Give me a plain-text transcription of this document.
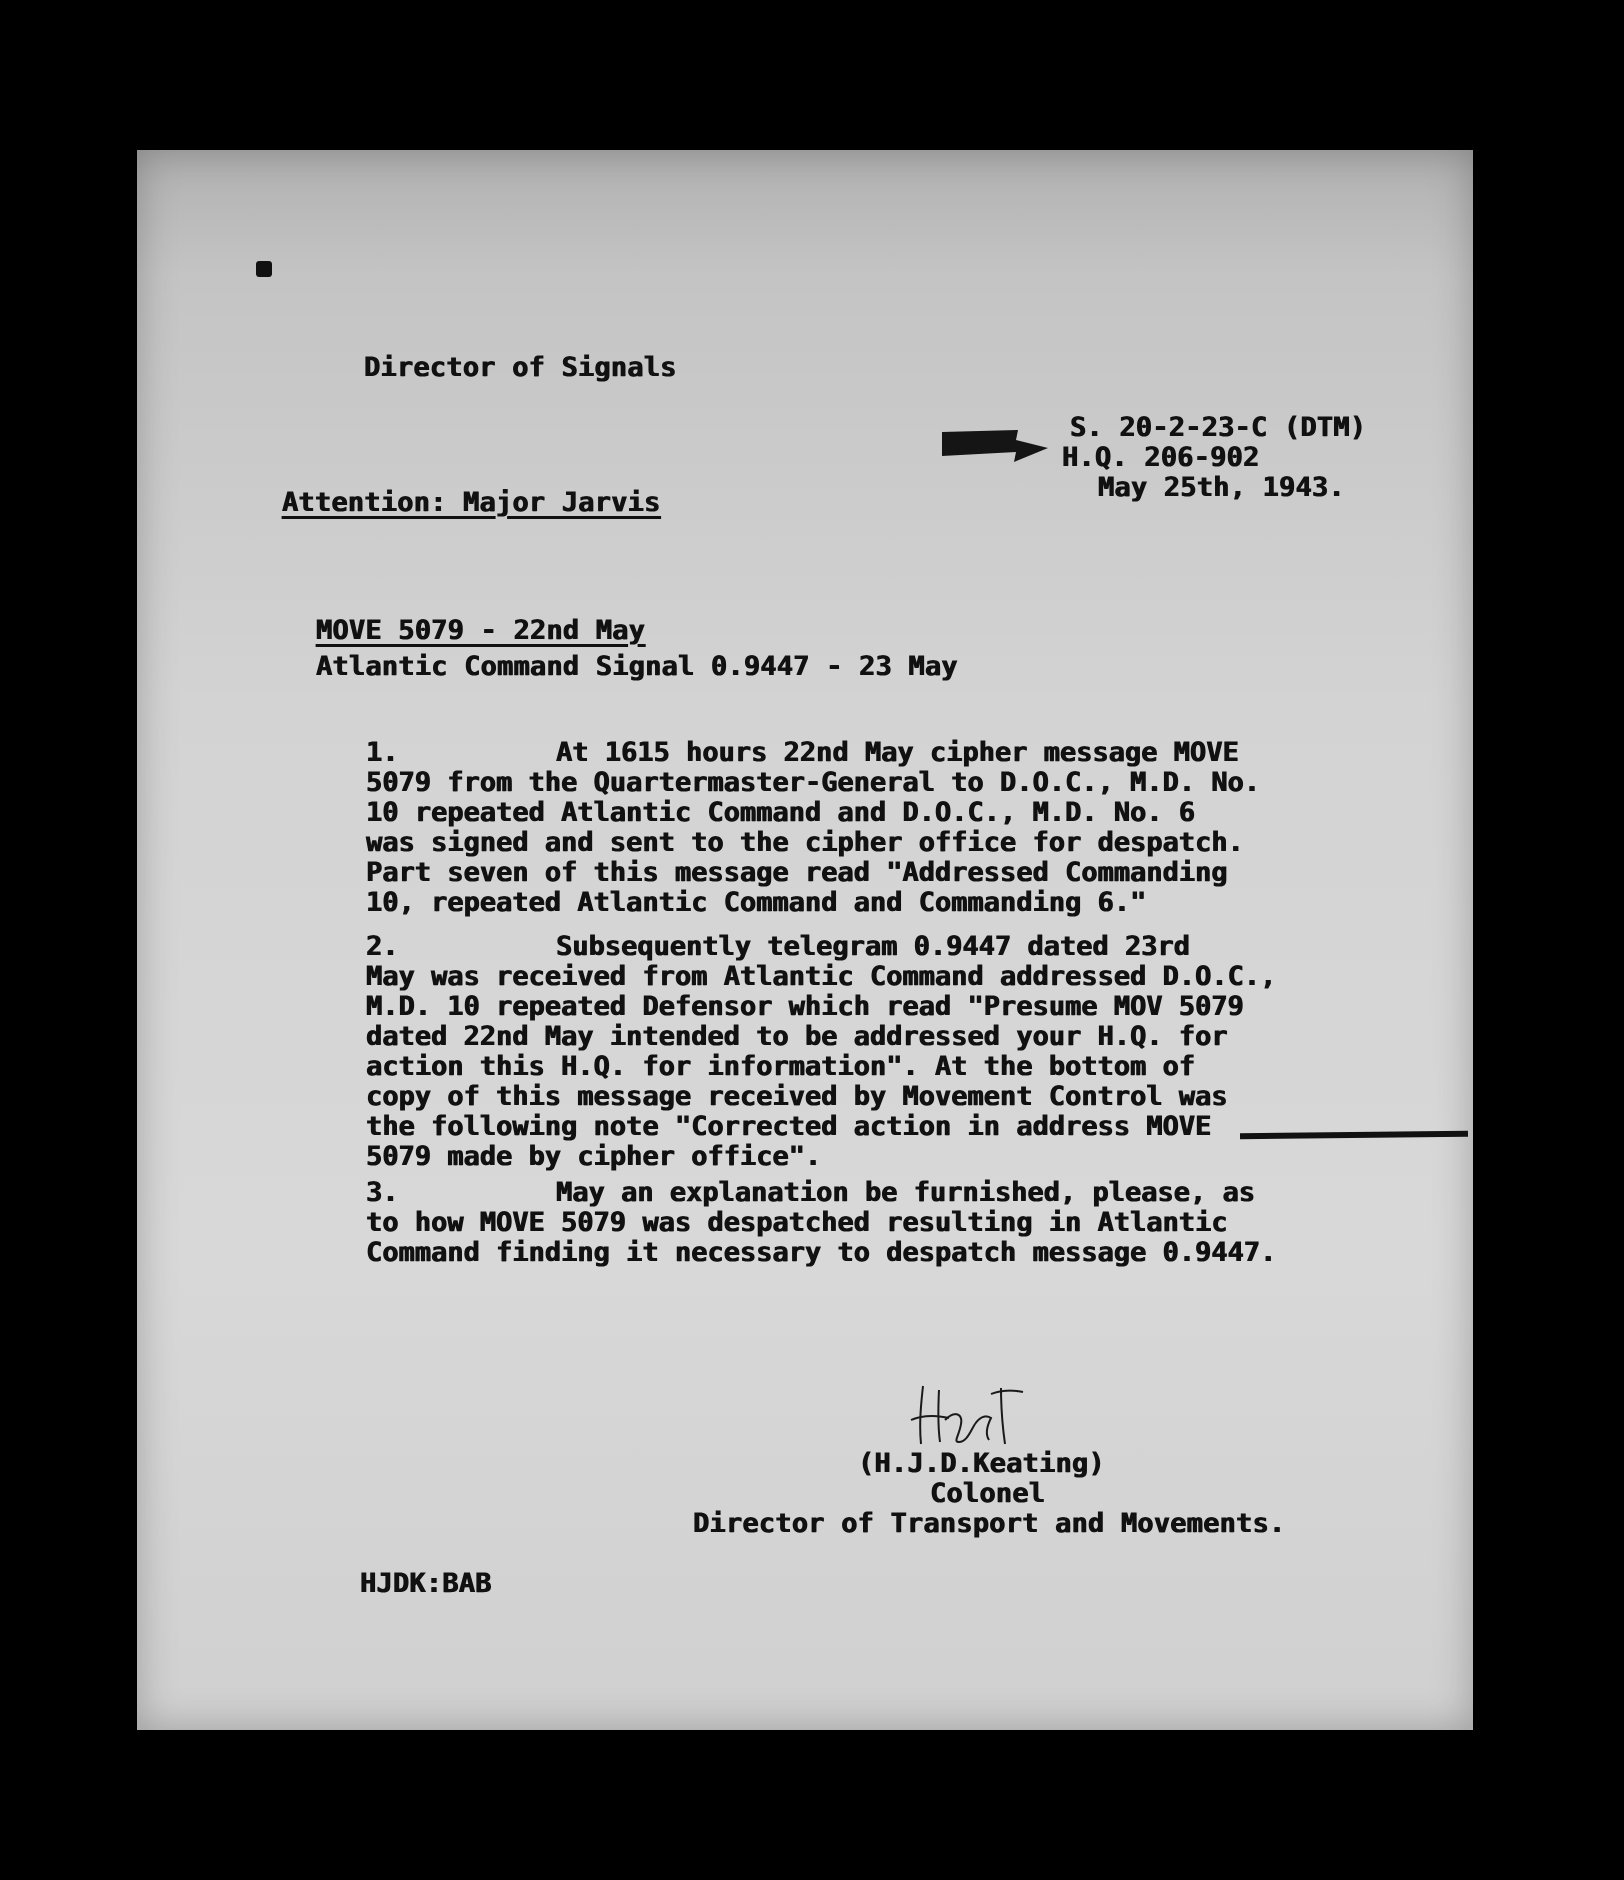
Director of Signals
S. 20-2-23-C (DTM)
H.Q. 206-902
May 25th, 1943.
Attention: Major Jarvis
MOVE 5079 - 22nd May
Atlantic Command Signal 0.9447 - 23 May
1.	At 1615 hours 22nd May cipher message MOVE
5079 from the Quartermaster-General to D.O.C., M.D. No.
10 repeated Atlantic Command and D.O.C., M.D. No. 6
was signed and sent to the cipher office for despatch.
Part seven of this message read "Addressed Commanding
10, repeated Atlantic Command and Commanding 6."
2.	Subsequently telegram 0.9447 dated 23rd
May was received from Atlantic Command addressed D.O.C.,
M.D. 10 repeated Defensor which read "Presume MOV 5079
dated 22nd May intended to be addressed your H.Q. for
action this H.Q. for information". At the bottom of
copy of this message received by Movement Control was
the following note "Corrected action in address MOVE
5079 made by cipher office".
3.	May an explanation be furnished, please, as
to how MOVE 5079 was despatched resulting in Atlantic
Command finding it necessary to despatch message 0.9447.
(H.J.D.Keating)
Colonel
Director of Transport and Movements.
HJDK:BAB
